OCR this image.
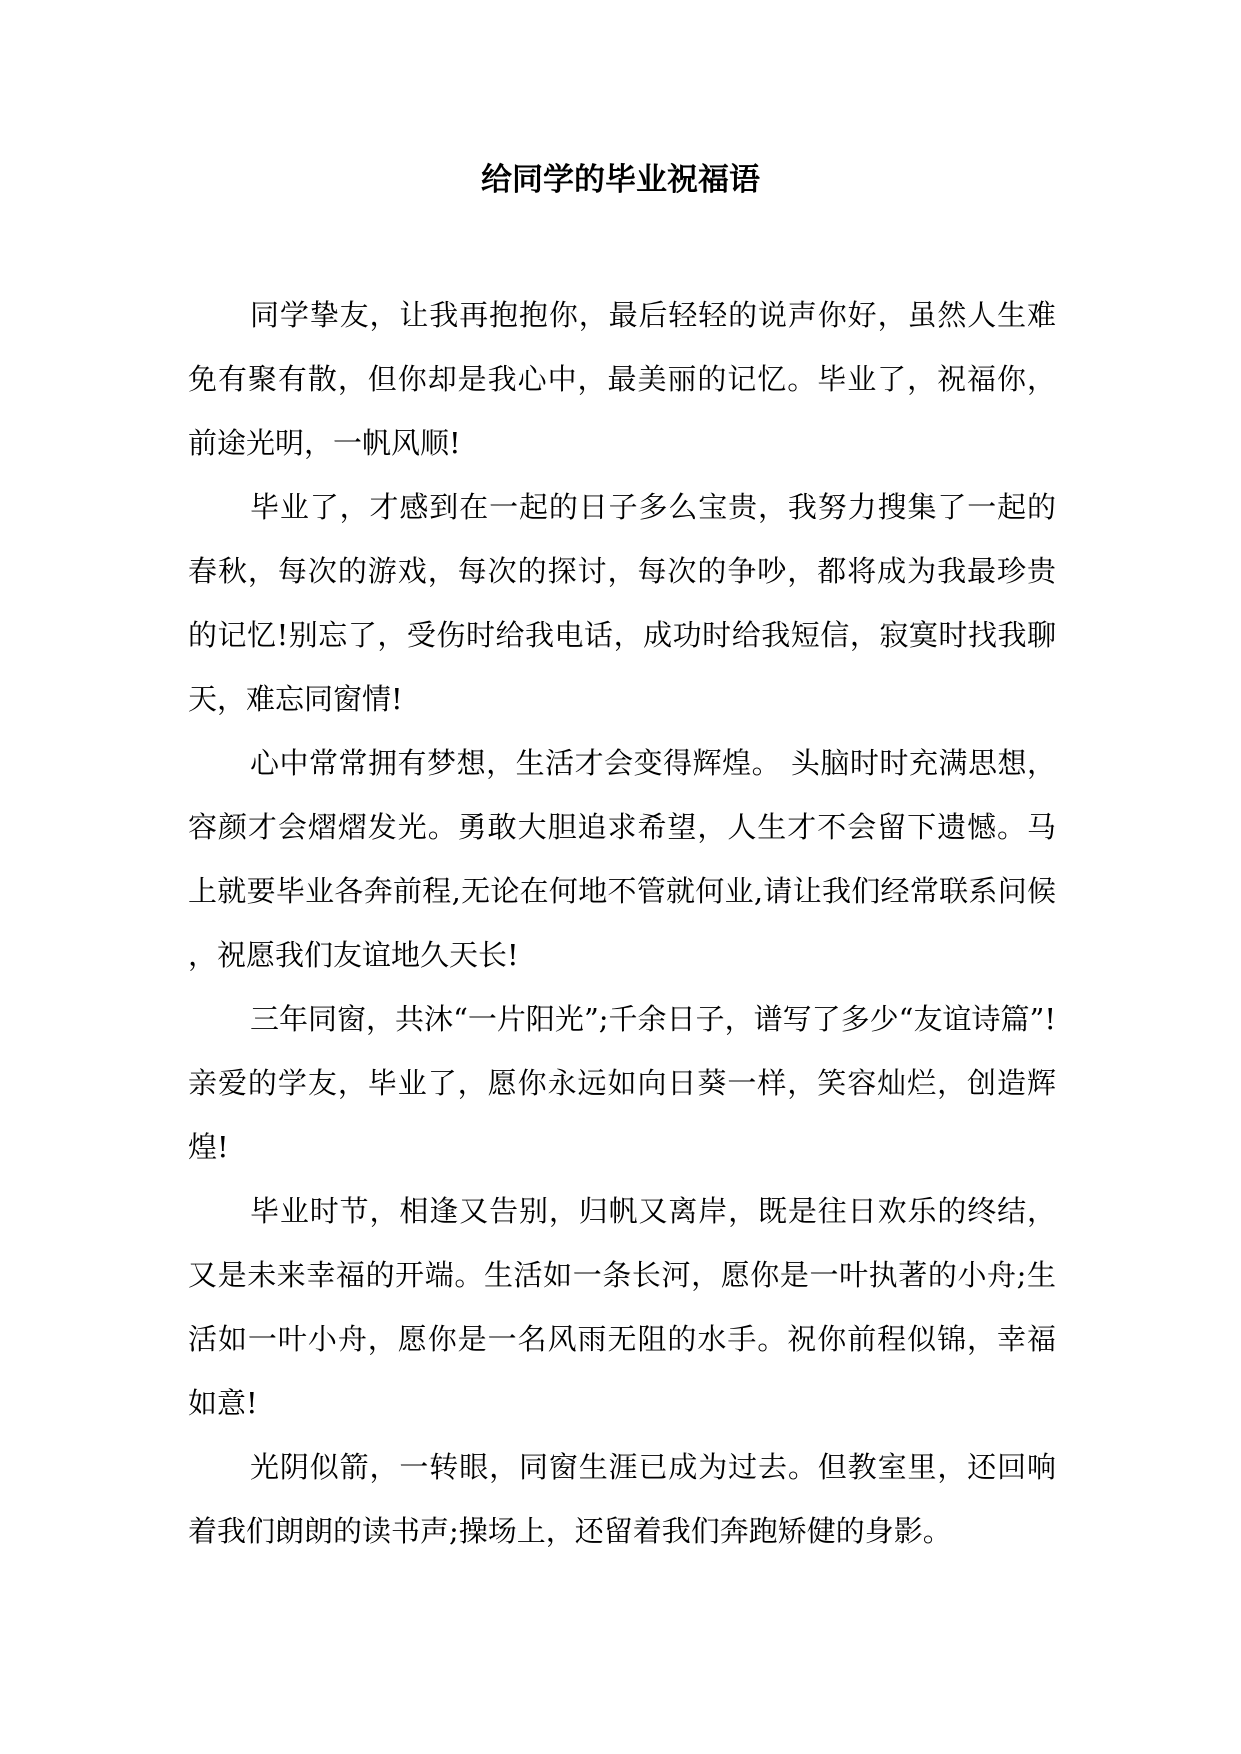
给同学的毕业祝福语

同学挚友，让我再抱抱你，最后轻轻的说声你好，虽然人生难免有聚有散，但你却是我心中，最美丽的记忆。毕业了，祝福你，前途光明，一帆风顺!

毕业了，才感到在一起的日子多么宝贵，我努力搜集了一起的春秋，每次的游戏，每次的探讨，每次的争吵，都将成为我最珍贵的记忆!别忘了，受伤时给我电话，成功时给我短信，寂寞时找我聊天，难忘同窗情!

心中常常拥有梦想，生活才会变得辉煌。 头脑时时充满思想，容颜才会熠熠发光。勇敢大胆追求希望，人生才不会留下遗憾。马上就要毕业各奔前程,无论在何地不管就何业,请让我们经常联系问候，祝愿我们友谊地久天长!

三年同窗，共沐“一片阳光”;千余日子，谱写了多少“友谊诗篇”!亲爱的学友，毕业了，愿你永远如向日葵一样，笑容灿烂，创造辉煌!

毕业时节，相逢又告别，归帆又离岸，既是往日欢乐的终结，又是未来幸福的开端。生活如一条长河，愿你是一叶执著的小舟;生活如一叶小舟，愿你是一名风雨无阻的水手。祝你前程似锦，幸福如意!

光阴似箭，一转眼，同窗生涯已成为过去。但教室里，还回响着我们朗朗的读书声;操场上，还留着我们奔跑矫健的身影。
